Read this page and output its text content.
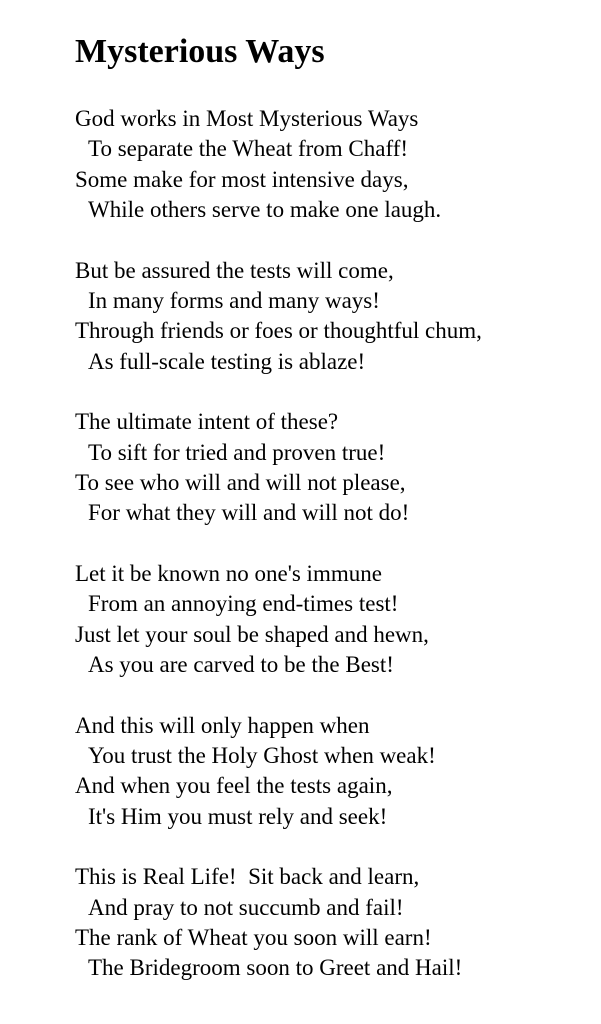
Mysterious Ways
God works in Most Mysterious Ways
To separate the Wheat from Chaff!
Some make for most intensive days,
While others serve to make one laugh.
But be assured the tests will come,
In many forms and many ways!
Through friends or foes or thoughtful chum,
As full-scale testing is ablaze!
The ultimate intent of these?
To sift for tried and proven true!
To see who will and will not please,
For what they will and will not do!
Let it be known no one's immune
From an annoying end-times test!
Just let your soul be shaped and hewn,
As you are carved to be the Best!
And this will only happen when
You trust the Holy Ghost when weak!
And when you feel the tests again,
It's Him you must rely and seek!
This is Real Life!  Sit back and learn,
And pray to not succumb and fail!
The rank of Wheat you soon will earn!
The Bridegroom soon to Greet and Hail!
